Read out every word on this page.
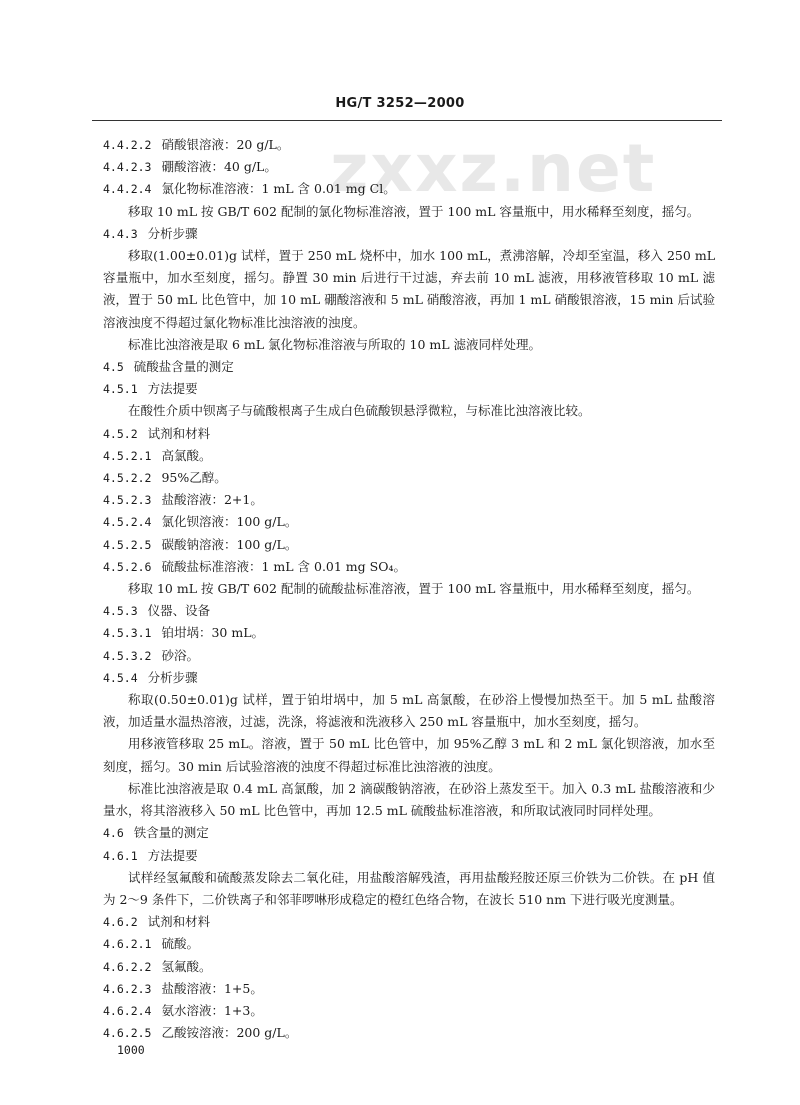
HG/T 3252—2000
zxxz.net

4.4.2.2 硝酸银溶液：20 g/L。

4.4.2.3 硼酸溶液：40 g/L。

4.4.2.4 氯化物标准溶液：1 mL 含 0.01 mg Cl。

移取 10 mL 按 GB/T 602 配制的氯化物标准溶液，置于 100 mL 容量瓶中，用水稀释至刻度，摇匀。

4.4.3 分析步骤

移取(1.00±0.01)g 试样，置于 250 mL 烧杯中，加水 100 mL，煮沸溶解，冷却至室温，移入 250 mL 容量瓶中，加水至刻度，摇匀。静置 30 min 后进行干过滤，弃去前 10 mL 滤液，用移液管移取 10 mL 滤液，置于 50 mL 比色管中，加 10 mL 硼酸溶液和 5 mL 硝酸溶液，再加 1 mL 硝酸银溶液，15 min 后试验溶液浊度不得超过氯化物标准比浊溶液的浊度。

标准比浊溶液是取 6 mL 氯化物标准溶液与所取的 10 mL 滤液同样处理。

4.5 硫酸盐含量的测定

4.5.1 方法提要

在酸性介质中钡离子与硫酸根离子生成白色硫酸钡悬浮微粒，与标准比浊溶液比较。

4.5.2 试剂和材料

4.5.2.1 高氯酸。

4.5.2.2 95%乙醇。

4.5.2.3 盐酸溶液：2+1。

4.5.2.4 氯化钡溶液：100 g/L。

4.5.2.5 碳酸钠溶液：100 g/L。

4.5.2.6 硫酸盐标准溶液：1 mL 含 0.01 mg SO₄。

移取 10 mL 按 GB/T 602 配制的硫酸盐标准溶液，置于 100 mL 容量瓶中，用水稀释至刻度，摇匀。

4.5.3 仪器、设备

4.5.3.1 铂坩埚：30 mL。

4.5.3.2 砂浴。

4.5.4 分析步骤

称取(0.50±0.01)g 试样，置于铂坩埚中，加 5 mL 高氯酸，在砂浴上慢慢加热至干。加 5 mL 盐酸溶液，加适量水温热溶液，过滤，洗涤，将滤液和洗液移入 250 mL 容量瓶中，加水至刻度，摇匀。

用移液管移取 25 mL。溶液，置于 50 mL 比色管中，加 95%乙醇 3 mL 和 2 mL 氯化钡溶液，加水至刻度，摇匀。30 min 后试验溶液的浊度不得超过标准比浊溶液的浊度。

标准比浊溶液是取 0.4 mL 高氯酸，加 2 滴碳酸钠溶液，在砂浴上蒸发至干。加入 0.3 mL 盐酸溶液和少量水，将其溶液移入 50 mL 比色管中，再加 12.5 mL 硫酸盐标准溶液，和所取试液同时同样处理。

4.6 铁含量的测定

4.6.1 方法提要

试样经氢氟酸和硫酸蒸发除去二氧化硅，用盐酸溶解残渣，再用盐酸羟胺还原三价铁为二价铁。在 pH 值为 2～9 条件下，二价铁离子和邻菲啰啉形成稳定的橙红色络合物，在波长 510 nm 下进行吸光度测量。

4.6.2 试剂和材料

4.6.2.1 硫酸。

4.6.2.2 氢氟酸。

4.6.2.3 盐酸溶液：1+5。

4.6.2.4 氨水溶液：1+3。

4.6.2.5 乙酸铵溶液：200 g/L。

1000
